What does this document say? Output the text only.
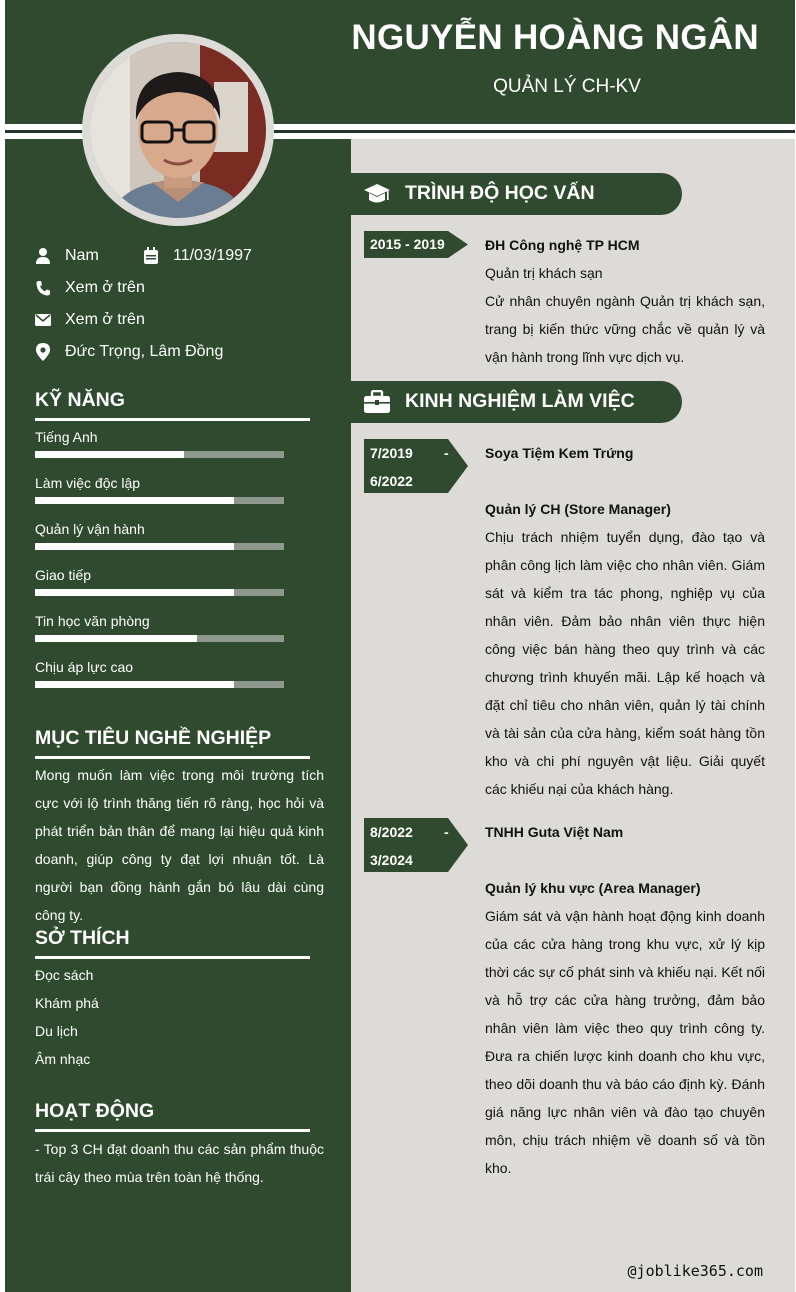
NGUYỄN HOÀNG NGÂN
QUẢN LÝ CH-KV
Nam	11/03/1997
Xem ở trên
Xem ở trên
Đức Trọng, Lâm Đồng
KỸ NĂNG
Tiếng Anh
Làm việc độc lập
Quản lý vận hành
Giao tiếp
Tin học văn phòng
Chịu áp lực cao
MỤC TIÊU NGHỀ NGHIỆP
Mong muốn làm việc trong môi trường tích cực với lộ trình thăng tiến rõ ràng, học hỏi và phát triển bản thân để mang lại hiệu quả kinh doanh, giúp công ty đạt lợi nhuận tốt. Là người bạn đồng hành gắn bó lâu dài cùng công ty.
SỞ THÍCH
Đọc sách
Khám phá
Du lịch
Âm nhạc
HOẠT ĐỘNG
- Top 3 CH đạt doanh thu các sản phẩm thuộc trái cây theo mùa trên toàn hệ thống.
TRÌNH ĐỘ HỌC VẤN
2015 - 2019	ĐH Công nghệ TP HCM
Quản trị khách sạn
Cử nhân chuyên ngành Quản trị khách sạn, trang bị kiến thức vững chắc về quản lý và vận hành trong lĩnh vực dịch vụ.
KINH NGHIỆM LÀM VIỆC
7/2019 -
6/2022
Soya Tiệm Kem Trứng
Quản lý CH (Store Manager)
Chịu trách nhiệm tuyển dụng, đào tạo và phân công lịch làm việc cho nhân viên. Giám sát và kiểm tra tác phong, nghiệp vụ của nhân viên. Đảm bảo nhân viên thực hiện công việc bán hàng theo quy trình và các chương trình khuyến mãi. Lập kế hoạch và đặt chỉ tiêu cho nhân viên, quản lý tài chính và tài sản của cửa hàng, kiểm soát hàng tồn kho và chi phí nguyên vật liệu. Giải quyết các khiếu nại của khách hàng.
8/2022 -
3/2024
TNHH Guta Việt Nam
Quản lý khu vực (Area Manager)
Giám sát và vận hành hoạt động kinh doanh của các cửa hàng trong khu vực, xử lý kịp thời các sự cố phát sinh và khiếu nại. Kết nối và hỗ trợ các cửa hàng trưởng, đảm bảo nhân viên làm việc theo quy trình công ty. Đưa ra chiến lược kinh doanh cho khu vực, theo dõi doanh thu và báo cáo định kỳ. Đánh giá năng lực nhân viên và đào tạo chuyên môn, chịu trách nhiệm về doanh số và tồn kho.
@joblike365.com
